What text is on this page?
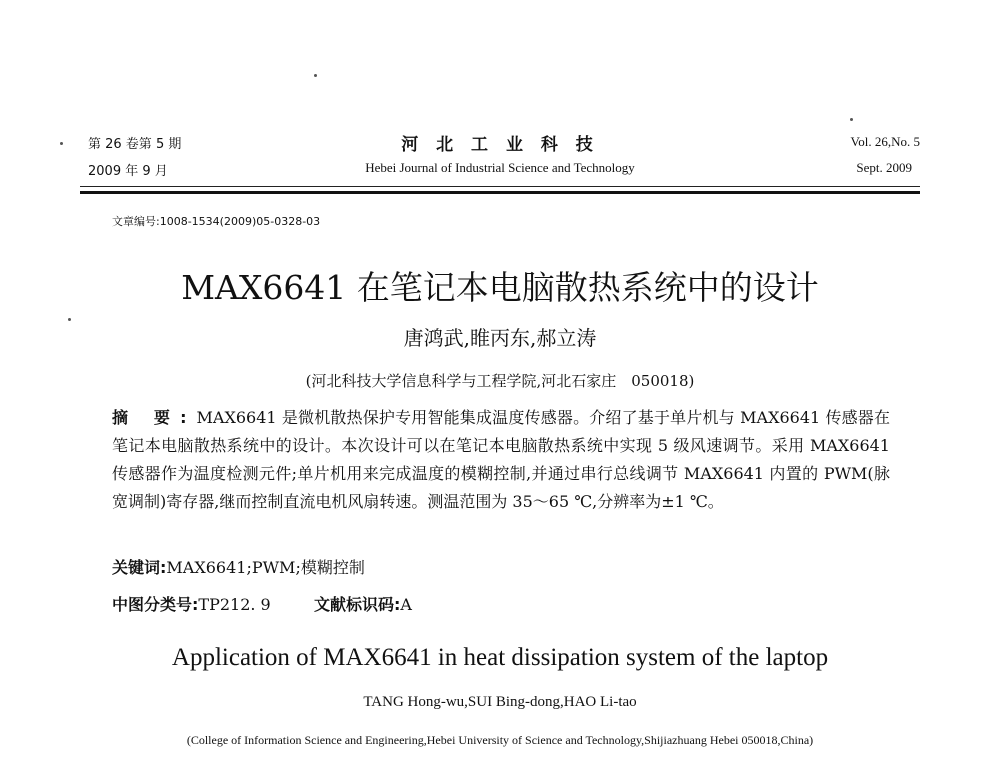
第 26 卷第 5 期
2009 年 9 月
河 北 工 业 科 技
Hebei Journal of Industrial Science and Technology
Vol. 26,No. 5
Sept. 2009
文章编号:1008-1534(2009)05-0328-03
MAX6641 在笔记本电脑散热系统中的设计
唐鸿武,睢丙东,郝立涛
(河北科技大学信息科学与工程学院,河北石家庄　050018)
摘 要:MAX6641 是微机散热保护专用智能集成温度传感器。介绍了基于单片机与 MAX6641 传感器在笔记本电脑散热系统中的设计。本次设计可以在笔记本电脑散热系统中实现 5 级风速调节。采用 MAX6641 传感器作为温度检测元件;单片机用来完成温度的模糊控制,并通过串行总线调节 MAX6641 内置的 PWM(脉宽调制)寄存器,继而控制直流电机风扇转速。测温范围为 35～65 ℃,分辨率为±1 ℃。
关键词:MAX6641;PWM;模糊控制
中图分类号:TP212. 9	文献标识码:A
Application of MAX6641 in heat dissipation system of the laptop
TANG Hong-wu,SUI Bing-dong,HAO Li-tao
(College of Information Science and Engineering,Hebei University of Science and Technology,Shijiazhuang Hebei 050018,China)
